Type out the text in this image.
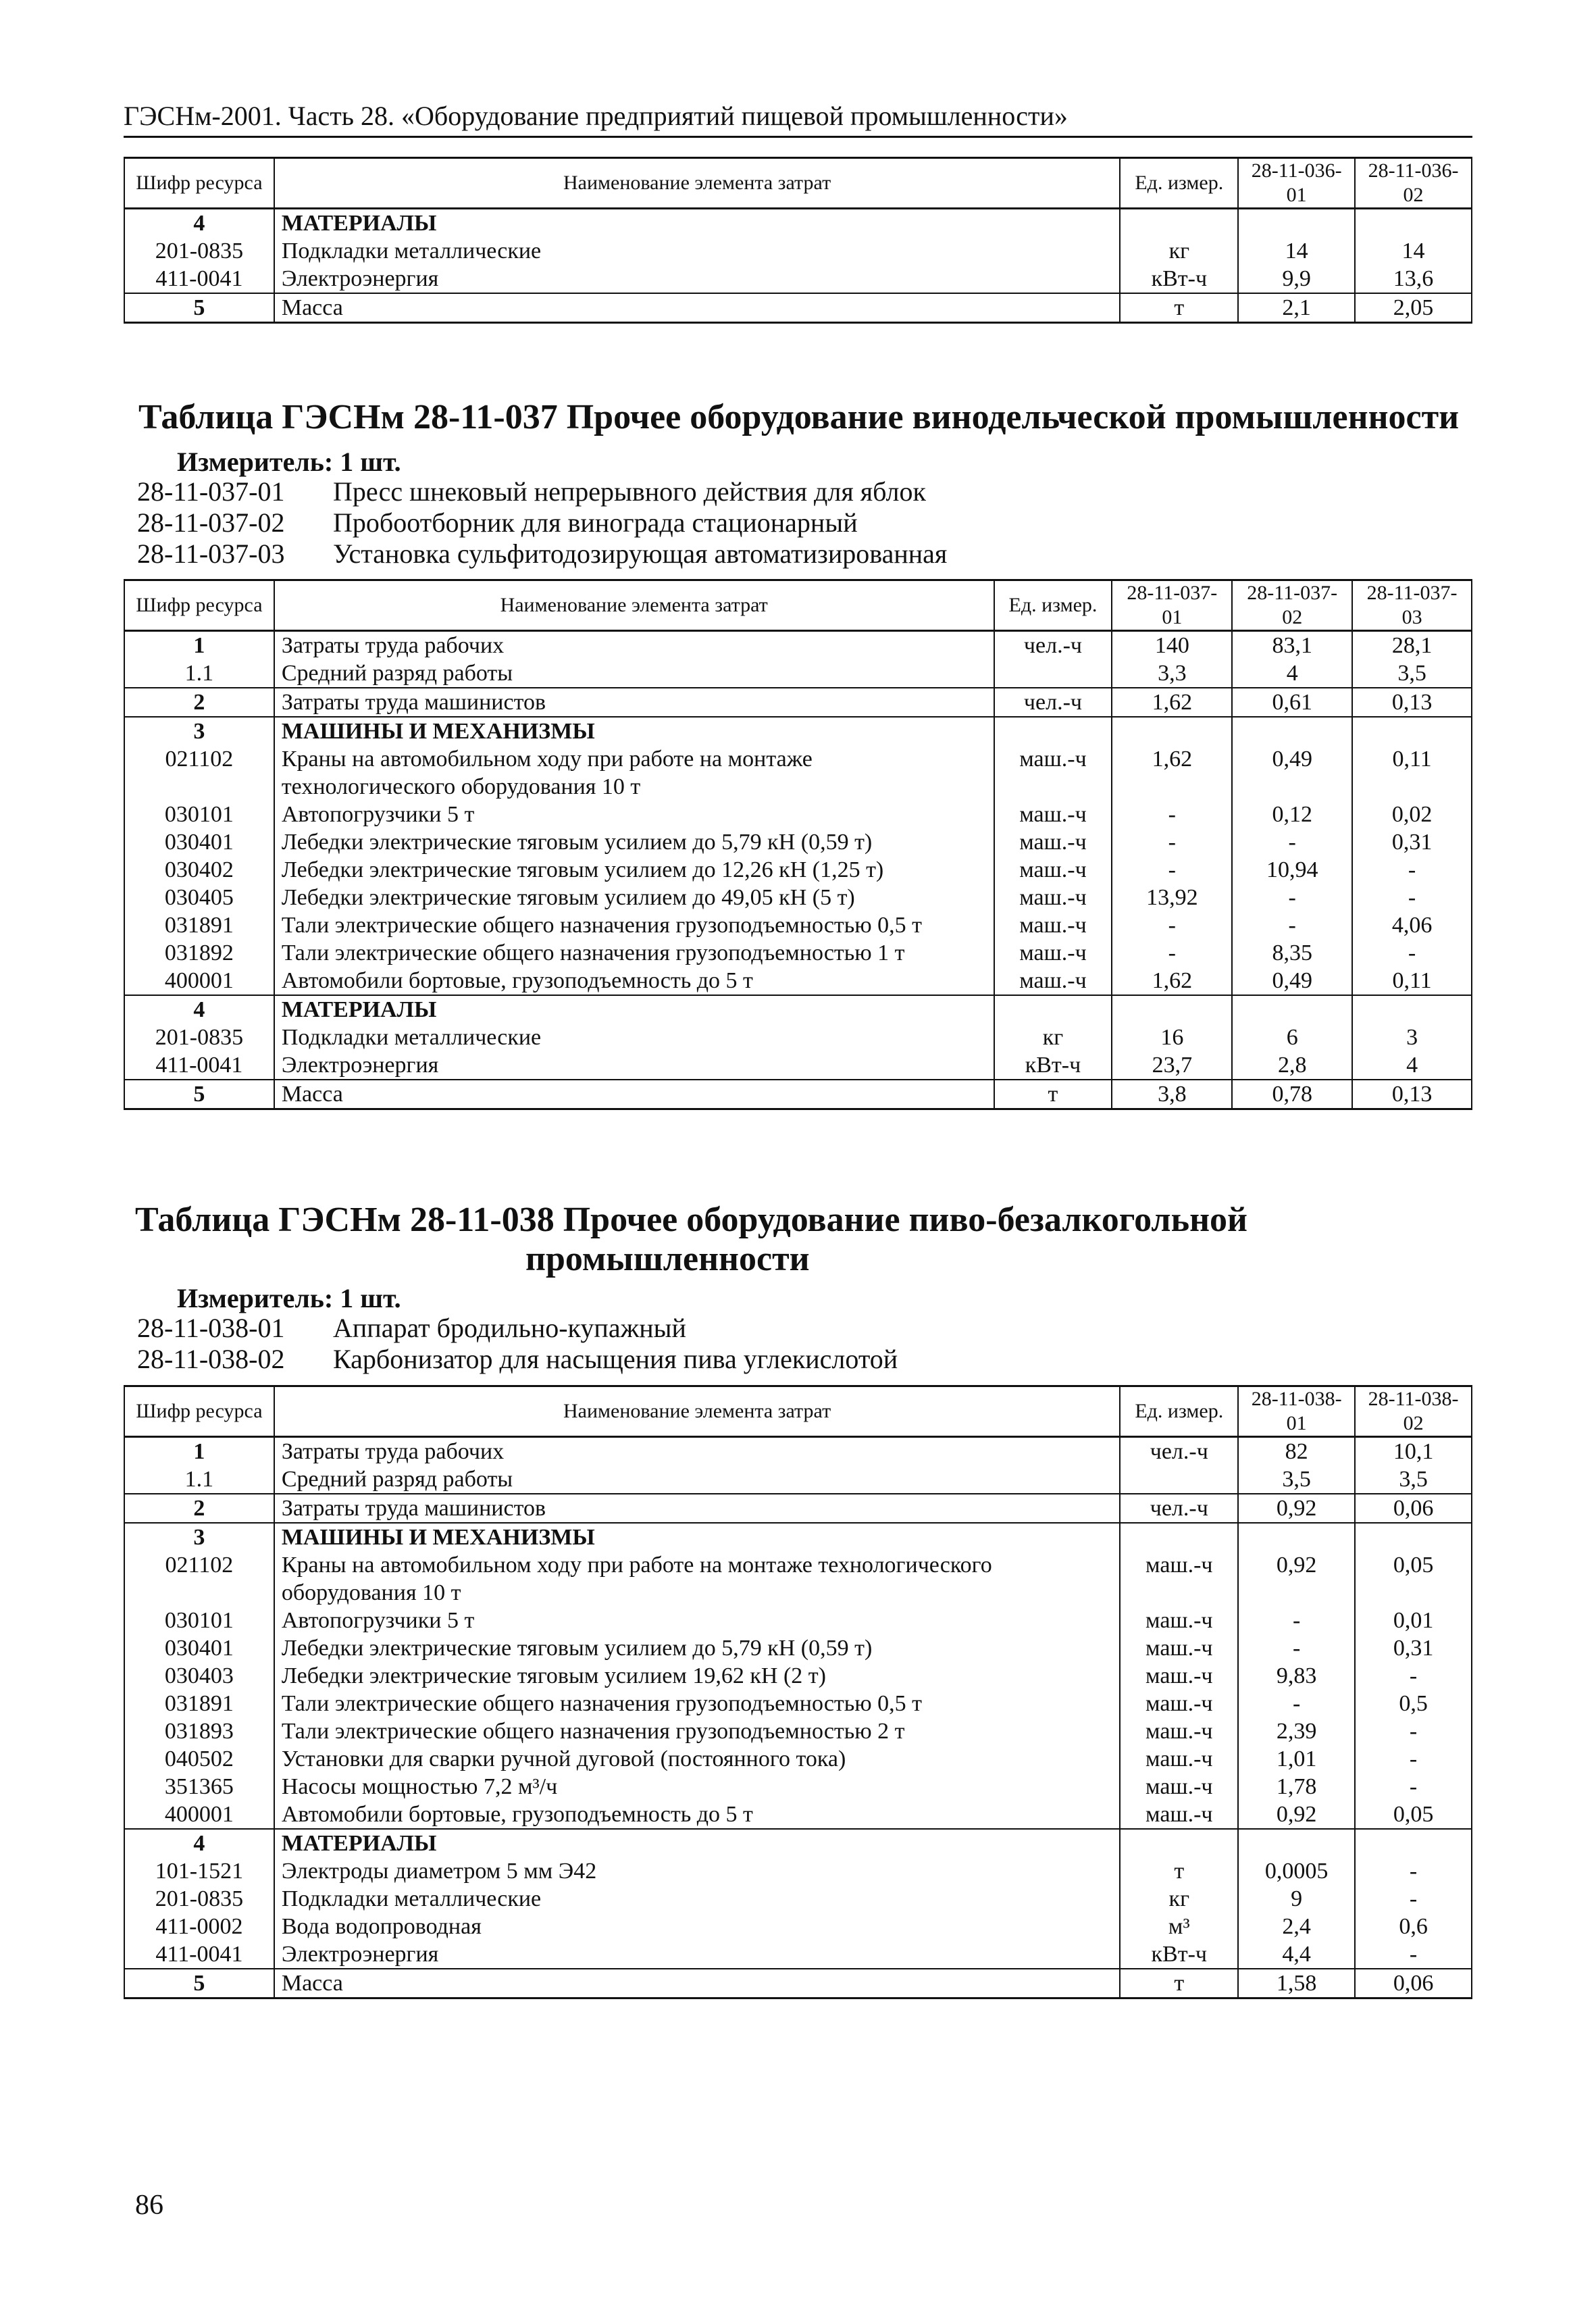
ГЭСНм-2001. Часть 28. «Оборудование предприятий пищевой промышленности»
Шифр ресурса	Наименование элемента затрат	Ед. измер.	28-11-036-01	28-11-036-02
4	МАТЕРИАЛЫ			
201-0835	Подкладки металлические	кг	14	14
411-0041	Электроэнергия	кВт-ч	9,9	13,6
5	Масса	т	2,1	2,05
Таблица ГЭСНм 28-11-037 Прочее оборудование винодельческой промышленности
Измеритель: 1 шт.
28-11-037-01 Пресс шнековый непрерывного действия для яблок
28-11-037-02 Пробоотборник для винограда стационарный
28-11-037-03 Установка сульфитодозирующая автоматизированная
Шифр ресурса	Наименование элемента затрат	Ед. измер.	28-11-037-01	28-11-037-02	28-11-037-03
1	Затраты труда рабочих	чел.-ч	140	83,1	28,1
1.1	Средний разряд работы		3,3	4	3,5
2	Затраты труда машинистов	чел.-ч	1,62	0,61	0,13
3	МАШИНЫ И МЕХАНИЗМЫ				
021102	Краны на автомобильном ходу при работе на монтаже технологического оборудования 10 т	маш.-ч	1,62	0,49	0,11
030101	Автопогрузчики 5 т	маш.-ч	-	0,12	0,02
030401	Лебедки электрические тяговым усилием до 5,79 кН (0,59 т)	маш.-ч	-	-	0,31
030402	Лебедки электрические тяговым усилием до 12,26 кН (1,25 т)	маш.-ч	-	10,94	-
030405	Лебедки электрические тяговым усилием до 49,05 кН (5 т)	маш.-ч	13,92	-	-
031891	Тали электрические общего назначения грузоподъемностью 0,5 т	маш.-ч	-	-	4,06
031892	Тали электрические общего назначения грузоподъемностью 1 т	маш.-ч	-	8,35	-
400001	Автомобили бортовые, грузоподъемность до 5 т	маш.-ч	1,62	0,49	0,11
4	МАТЕРИАЛЫ				
201-0835	Подкладки металлические	кг	16	6	3
411-0041	Электроэнергия	кВт-ч	23,7	2,8	4
5	Масса	т	3,8	0,78	0,13
Таблица ГЭСНм 28-11-038 Прочее оборудование пиво-безалкогольной
промышленности
Измеритель: 1 шт.
28-11-038-01 Аппарат бродильно-купажный
28-11-038-02 Карбонизатор для насыщения пива углекислотой
Шифр ресурса	Наименование элемента затрат	Ед. измер.	28-11-038-01	28-11-038-02
1	Затраты труда рабочих	чел.-ч	82	10,1
1.1	Средний разряд работы		3,5	3,5
2	Затраты труда машинистов	чел.-ч	0,92	0,06
3	МАШИНЫ И МЕХАНИЗМЫ			
021102	Краны на автомобильном ходу при работе на монтаже технологического оборудования 10 т	маш.-ч	0,92	0,05
030101	Автопогрузчики 5 т	маш.-ч	-	0,01
030401	Лебедки электрические тяговым усилием до 5,79 кН (0,59 т)	маш.-ч	-	0,31
030403	Лебедки электрические тяговым усилием 19,62 кН (2 т)	маш.-ч	9,83	-
031891	Тали электрические общего назначения грузоподъемностью 0,5 т	маш.-ч	-	0,5
031893	Тали электрические общего назначения грузоподъемностью 2 т	маш.-ч	2,39	-
040502	Установки для сварки ручной дуговой (постоянного тока)	маш.-ч	1,01	-
351365	Насосы мощностью 7,2 м³/ч	маш.-ч	1,78	-
400001	Автомобили бортовые, грузоподъемность до 5 т	маш.-ч	0,92	0,05
4	МАТЕРИАЛЫ			
101-1521	Электроды диаметром 5 мм Э42	т	0,0005	-
201-0835	Подкладки металлические	кг	9	-
411-0002	Вода водопроводная	м³	2,4	0,6
411-0041	Электроэнергия	кВт-ч	4,4	-
5	Масса	т	1,58	0,06
86
